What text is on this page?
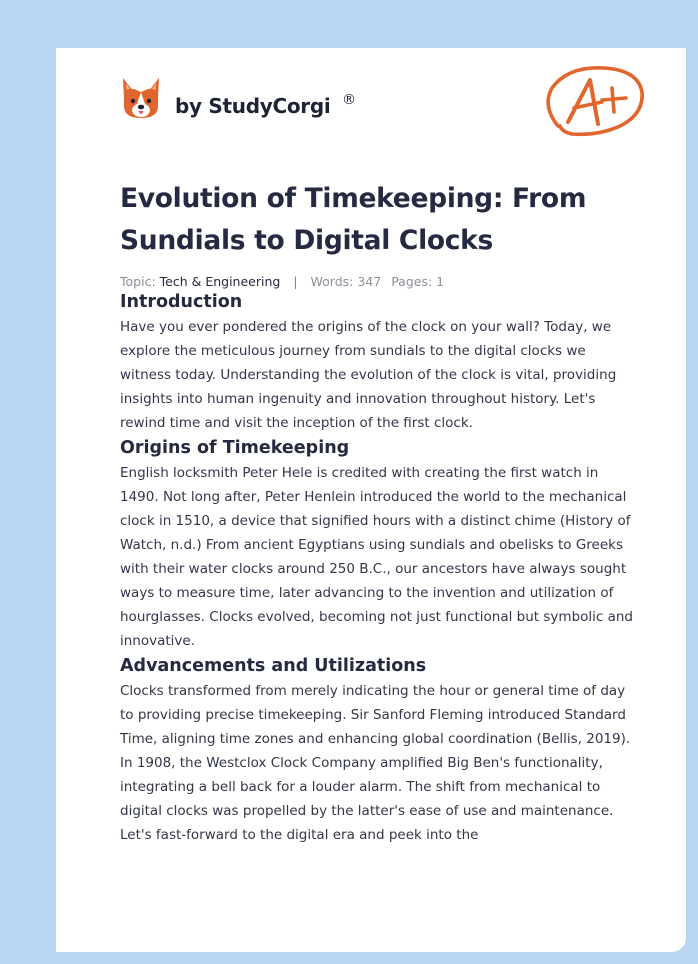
by StudyCorgi ®
Evolution of Timekeeping: From Sundials to Digital Clocks
Topic: Tech & Engineering | Words: 347 Pages: 1
Introduction

Have you ever pondered the origins of the clock on your wall? Today, we explore the meticulous journey from sundials to the digital clocks we witness today. Understanding the evolution of the clock is vital, providing insights into human ingenuity and innovation throughout history. Let's rewind time and visit the inception of the first clock.

Origins of Timekeeping

English locksmith Peter Hele is credited with creating the first watch in 1490. Not long after, Peter Henlein introduced the world to the mechanical clock in 1510, a device that signified hours with a distinct chime (History of Watch, n.d.) From ancient Egyptians using sundials and obelisks to Greeks with their water clocks around 250 B.C., our ancestors have always sought ways to measure time, later advancing to the invention and utilization of hourglasses. Clocks evolved, becoming not just functional but symbolic and innovative.

Advancements and Utilizations

Clocks transformed from merely indicating the hour or general time of day to providing precise timekeeping. Sir Sanford Fleming introduced Standard Time, aligning time zones and enhancing global coordination (Bellis, 2019). In 1908, the Westclox Clock Company amplified Big Ben's functionality, integrating a bell back for a louder alarm. The shift from mechanical to digital clocks was propelled by the latter's ease of use and maintenance. Let's fast-forward to the digital era and peek into the
